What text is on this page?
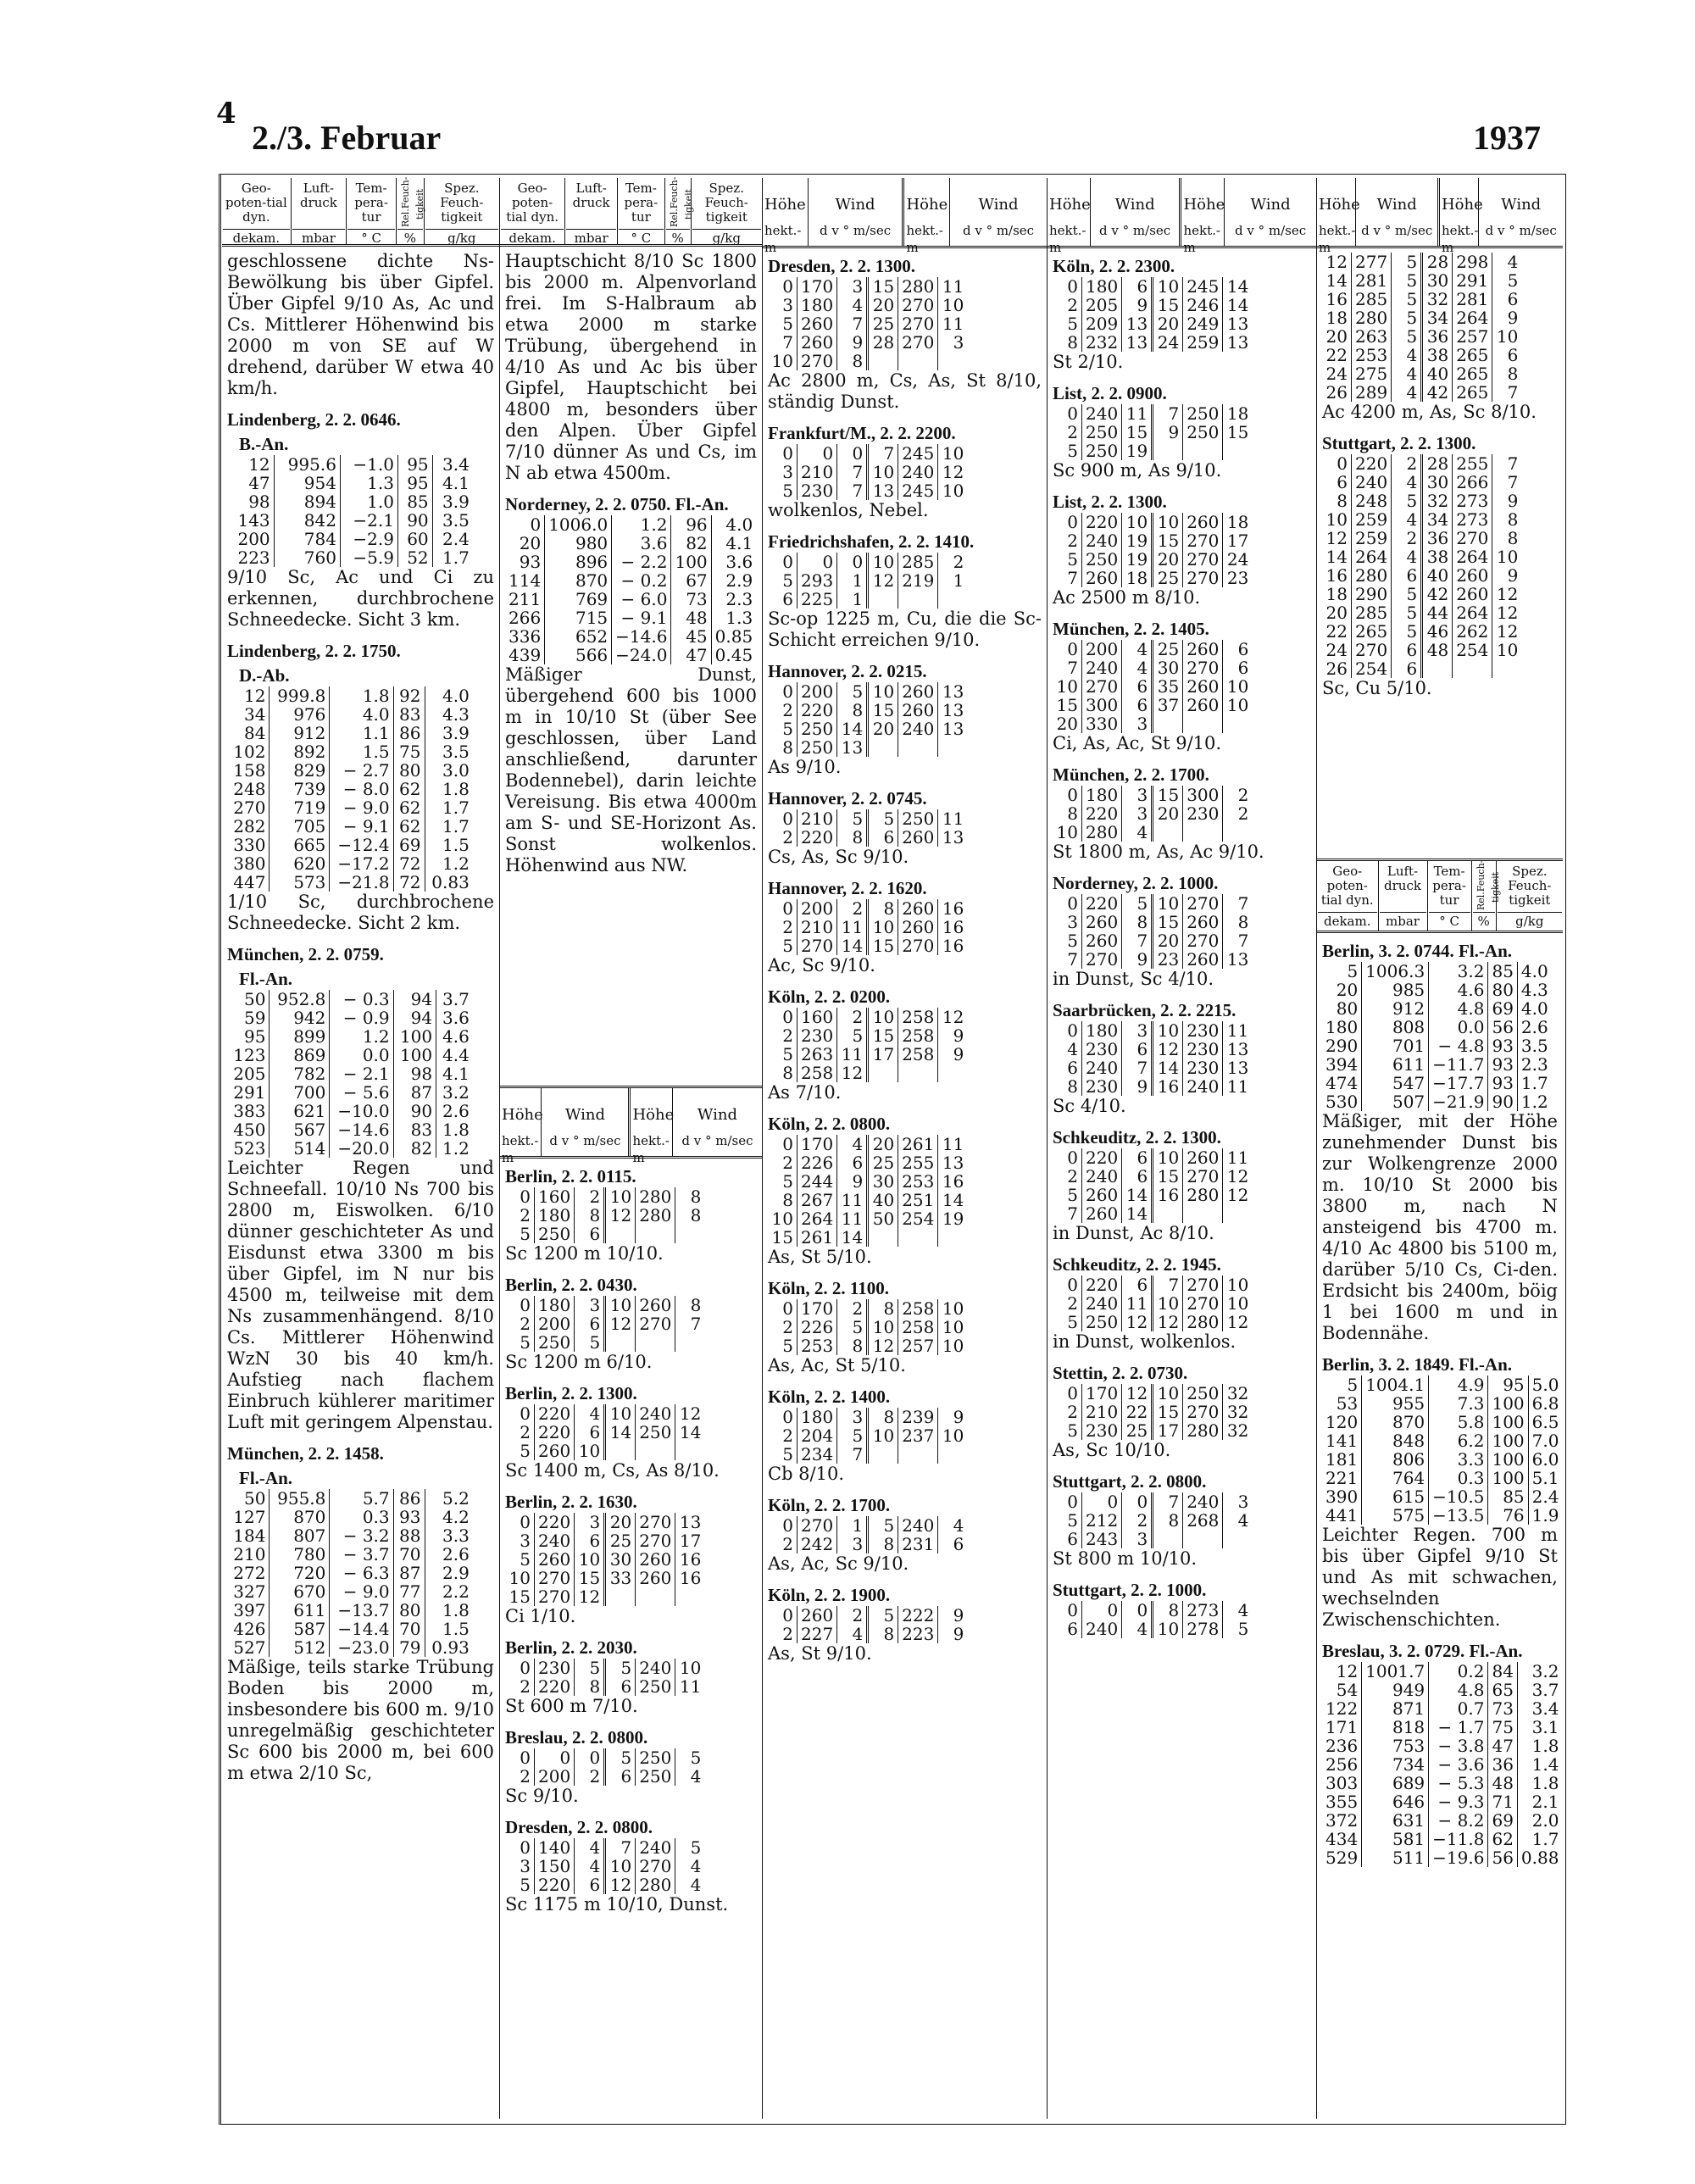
4
2./3. Februar	1937
Geo-poten-tial dyn.
dekam.
Luft-druck
mbar
Tem-pera-tur
° C
Rel.Feuch-tigkeit
%
Spez. Feuch-tigkeit
g/kg
geschlossene dichte Ns-Bewölkung bis über Gipfel. Über Gipfel 9/10 As, Ac und Cs. Mittlerer Höhenwind bis 2000 m von SE auf W drehend, darüber W etwa 40 km/h.
Lindenberg, 2. 2. 0646.
B.-An.
12	995.6	−1.0	95	3.4
47	954	1.3	95	4.1
98	894	1.0	85	3.9
143	842	−2.1	90	3.5
200	784	−2.9	60	2.4
223	760	−5.9	52	1.7
9/10 Sc, Ac und Ci zu erkennen, durchbrochene Schneedecke. Sicht 3 km.
Lindenberg, 2. 2. 1750.
D.-Ab.
12	999.8	1.8	92	4.0
34	976	4.0	83	4.3
84	912	1.1	86	3.9
102	892	1.5	75	3.5
158	829	− 2.7	80	3.0
248	739	− 8.0	62	1.8
270	719	− 9.0	62	1.7
282	705	− 9.1	62	1.7
330	665	−12.4	69	1.5
380	620	−17.2	72	1.2
447	573	−21.8	72	0.83
1/10 Sc, durchbrochene Schneedecke. Sicht 2 km.
München, 2. 2. 0759.
Fl.-An.
50	952.8	− 0.3	94	3.7
59	942	− 0.9	94	3.6
95	899	1.2	100	4.6
123	869	0.0	100	4.4
205	782	− 2.1	98	4.1
291	700	− 5.6	87	3.2
383	621	−10.0	90	2.6
450	567	−14.6	83	1.8
523	514	−20.0	82	1.2
Leichter Regen und Schneefall. 10/10 Ns 700 bis 2800 m, Eiswolken. 6/10 dünner geschichteter As und Eisdunst etwa 3300 m bis über Gipfel, im N nur bis 4500 m, teilweise mit dem Ns zusammenhängend. 8/10 Cs. Mittlerer Höhenwind WzN 30 bis 40 km/h. Aufstieg nach flachem Einbruch kühlerer maritimer Luft mit geringem Alpenstau.
München, 2. 2. 1458.
Fl.-An.
50	955.8	5.7	86	5.2
127	870	0.3	93	4.2
184	807	− 3.2	88	3.3
210	780	− 3.7	70	2.6
272	720	− 6.3	87	2.9
327	670	− 9.0	77	2.2
397	611	−13.7	80	1.8
426	587	−14.4	70	1.5
527	512	−23.0	79	0.93
Mäßige, teils starke Trübung Boden bis 2000 m, insbesondere bis 600 m. 9/10 unregelmäßig geschichteter Sc 600 bis 2000 m, bei 600 m etwa 2/10 Sc,
Geo-poten-tial dyn.
dekam.
Luft-druck
mbar
Tem-pera-tur
° C
Rel.Feuch-tigkeit
%
Spez. Feuch-tigkeit
g/kg
Hauptschicht 8/10 Sc 1800 bis 2000 m. Alpenvorland frei. Im S-Halbraum ab etwa 2000 m starke Trübung, übergehend in 4/10 As und Ac bis über Gipfel, Hauptschicht bei 4800 m, besonders über den Alpen. Über Gipfel 7/10 dünner As und Cs, im N ab etwa 4500m.
Norderney, 2. 2. 0750. Fl.-An.
0	1006.0	1.2	96	4.0
20	980	3.6	82	4.1
93	896	− 2.2	100	3.6
114	870	− 0.2	67	2.9
211	769	− 6.0	73	2.3
266	715	− 9.1	48	1.3
336	652	−14.6	45	0.85
439	566	−24.0	47	0.45
Mäßiger Dunst, übergehend 600 bis 1000 m in 10/10 St (über See geschlossen, über Land anschließend, darunter Bodennebel), darin leichte Vereisung. Bis etwa 4000m am S- und SE-Horizont As. Sonst wolkenlos. Höhenwind aus NW.
Höhe
hekt.-m
Wind
d v ° m/sec
Höhe
hekt.-m
Wind
d v ° m/sec
Berlin, 2. 2. 0115.
0	160	2	10	280	8
2	180	8	12	280	8
5	250	6			
Sc 1200 m 10/10.
Berlin, 2. 2. 0430.
0	180	3	10	260	8
2	200	6	12	270	7
5	250	5			
Sc 1200 m 6/10.
Berlin, 2. 2. 1300.
0	220	4	10	240	12
2	220	6	14	250	14
5	260	10			
Sc 1400 m, Cs, As 8/10.
Berlin, 2. 2. 1630.
0	220	3	20	270	13
3	240	6	25	270	17
5	260	10	30	260	16
10	270	15	33	260	16
15	270	12			
Ci 1/10.
Berlin, 2. 2. 2030.
0	230	5	5	240	10
2	220	8	6	250	11
St 600 m 7/10.
Breslau, 2. 2. 0800.
0	0	0	5	250	5
2	200	2	6	250	4
Sc 9/10.
Dresden, 2. 2. 0800.
0	140	4	7	240	5
3	150	4	10	270	4
5	220	6	12	280	4
Sc 1175 m 10/10, Dunst.
Höhe
hekt.-m
Wind
d v ° m/sec
Höhe
hekt.-m
Wind
d v ° m/sec
Dresden, 2. 2. 1300.
0	170	3	15	280	11
3	180	4	20	270	10
5	260	7	25	270	11
7	260	9	28	270	3
10	270	8			
Ac 2800 m, Cs, As, St 8/10, ständig Dunst.
Frankfurt/M., 2. 2. 2200.
0	0	0	7	245	10
3	210	7	10	240	12
5	230	7	13	245	10
wolkenlos, Nebel.
Friedrichshafen, 2. 2. 1410.
0	0	0	10	285	2
5	293	1	12	219	1
6	225	1			
Sc-op 1225 m, Cu, die die Sc-Schicht erreichen 9/10.
Hannover, 2. 2. 0215.
0	200	5	10	260	13
2	220	8	15	260	13
5	250	14	20	240	13
8	250	13			
As 9/10.
Hannover, 2. 2. 0745.
0	210	5	5	250	11
2	220	8	6	260	13
Cs, As, Sc 9/10.
Hannover, 2. 2. 1620.
0	200	2	8	260	16
2	210	11	10	260	16
5	270	14	15	270	16
Ac, Sc 9/10.
Köln, 2. 2. 0200.
0	160	2	10	258	12
2	230	5	15	258	9
5	263	11	17	258	9
8	258	12			
As 7/10.
Köln, 2. 2. 0800.
0	170	4	20	261	11
2	226	6	25	255	13
5	244	9	30	253	16
8	267	11	40	251	14
10	264	11	50	254	19
15	261	14			
As, St 5/10.
Köln, 2. 2. 1100.
0	170	2	8	258	10
2	226	5	10	258	10
5	253	8	12	257	10
As, Ac, St 5/10.
Köln, 2. 2. 1400.
0	180	3	8	239	9
2	204	5	10	237	10
5	234	7			
Cb 8/10.
Köln, 2. 2. 1700.
0	270	1	5	240	4
2	242	3	8	231	6
As, Ac, Sc 9/10.
Köln, 2. 2. 1900.
0	260	2	5	222	9
2	227	4	8	223	9
As, St 9/10.
Höhe
hekt.-m
Wind
d v ° m/sec
Höhe
hekt.-m
Wind
d v ° m/sec
Köln, 2. 2. 2300.
0	180	6	10	245	14
2	205	9	15	246	14
5	209	13	20	249	13
8	232	13	24	259	13
St 2/10.
List, 2. 2. 0900.
0	240	11	7	250	18
2	250	15	9	250	15
5	250	19			
Sc 900 m, As 9/10.
List, 2. 2. 1300.
0	220	10	10	260	18
2	240	19	15	270	17
5	250	19	20	270	24
7	260	18	25	270	23
Ac 2500 m 8/10.
München, 2. 2. 1405.
0	200	4	25	260	6
7	240	4	30	270	6
10	270	6	35	260	10
15	300	6	37	260	10
20	330	3			
Ci, As, Ac, St 9/10.
München, 2. 2. 1700.
0	180	3	15	300	2
8	220	3	20	230	2
10	280	4			
St 1800 m, As, Ac 9/10.
Norderney, 2. 2. 1000.
0	220	5	10	270	7
3	260	8	15	260	8
5	260	7	20	270	7
7	270	9	23	260	13
in Dunst, Sc 4/10.
Saarbrücken, 2. 2. 2215.
0	180	3	10	230	11
4	230	6	12	230	13
6	240	7	14	230	13
8	230	9	16	240	11
Sc 4/10.
Schkeuditz, 2. 2. 1300.
0	220	6	10	260	11
2	240	6	15	270	12
5	260	14	16	280	12
7	260	14			
in Dunst, Ac 8/10.
Schkeuditz, 2. 2. 1945.
0	220	6	7	270	10
2	240	11	10	270	10
5	250	12	12	280	12
in Dunst, wolkenlos.
Stettin, 2. 2. 0730.
0	170	12	10	250	32
2	210	22	15	270	32
5	230	25	17	280	32
As, Sc 10/10.
Stuttgart, 2. 2. 0800.
0	0	0	7	240	3
5	212	2	8	268	4
6	243	3			
St 800 m 10/10.
Stuttgart, 2. 2. 1000.
0	0	0	8	273	4
6	240	4	10	278	5
Höhe
hekt.-m
Wind
d v ° m/sec
Höhe
hekt.-m
Wind
d v ° m/sec
12	277	5	28	298	4
14	281	5	30	291	5
16	285	5	32	281	6
18	280	5	34	264	9
20	263	5	36	257	10
22	253	4	38	265	6
24	275	4	40	265	8
26	289	4	42	265	7
Ac 4200 m, As, Sc 8/10.
Stuttgart, 2. 2. 1300.
0	220	2	28	255	7
6	240	4	30	266	7
8	248	5	32	273	9
10	259	4	34	273	8
12	259	2	36	270	8
14	264	4	38	264	10
16	280	6	40	260	9
18	290	5	42	260	12
20	285	5	44	264	12
22	265	5	46	262	12
24	270	6	48	254	10
26	254	6			
Sc, Cu 5/10.
Geo-poten-tial dyn.
dekam.
Luft-druck
mbar
Tem-pera-tur
° C
Rel.Feuch-tigkeit
%
Spez. Feuch-tigkeit
g/kg
Berlin, 3. 2. 0744. Fl.-An.
5	1006.3	3.2	85	4.0
20	985	4.6	80	4.3
80	912	4.8	69	4.0
180	808	0.0	56	2.6
290	701	− 4.8	93	3.5
394	611	−11.7	93	2.3
474	547	−17.7	93	1.7
530	507	−21.9	90	1.2
Mäßiger, mit der Höhe zunehmender Dunst bis zur Wolkengrenze 2000 m. 10/10 St 2000 bis 3800 m, nach N ansteigend bis 4700 m. 4/10 Ac 4800 bis 5100 m, darüber 5/10 Cs, Ci-den. Erdsicht bis 2400m, böig 1 bei 1600 m und in Bodennähe.
Berlin, 3. 2. 1849. Fl.-An.
5	1004.1	4.9	95	5.0
53	955	7.3	100	6.8
120	870	5.8	100	6.5
141	848	6.2	100	7.0
181	806	3.3	100	6.0
221	764	0.3	100	5.1
390	615	−10.5	85	2.4
441	575	−13.5	76	1.9
Leichter Regen. 700 m bis über Gipfel 9/10 St und As mit schwachen, wechselnden Zwischenschichten.
Breslau, 3. 2. 0729. Fl.-An.
12	1001.7	0.2	84	3.2
54	949	4.8	65	3.7
122	871	0.7	73	3.4
171	818	− 1.7	75	3.1
236	753	− 3.8	47	1.8
256	734	− 3.6	36	1.4
303	689	− 5.3	48	1.8
355	646	− 9.3	71	2.1
372	631	− 8.2	69	2.0
434	581	−11.8	62	1.7
529	511	−19.6	56	0.88
